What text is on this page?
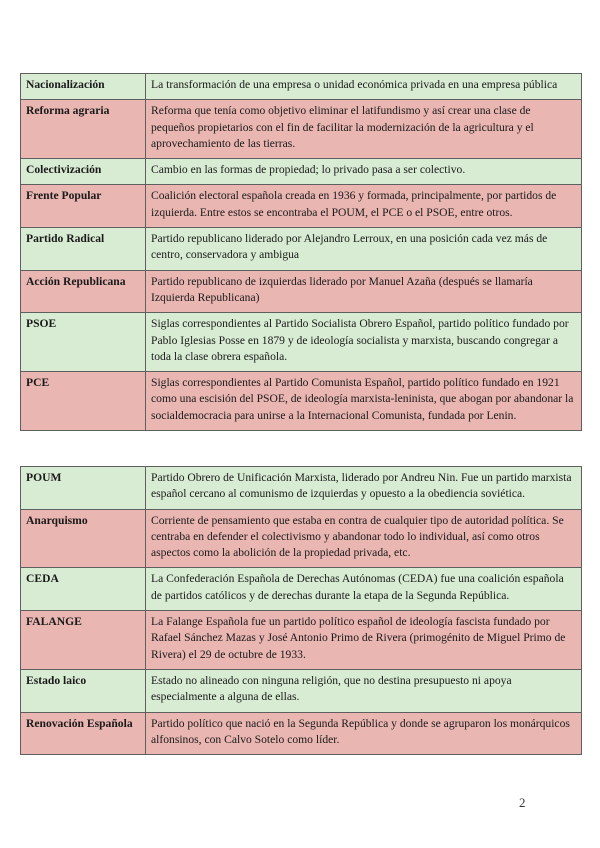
Nacionalización	La transformación de una empresa o unidad económica privada en una empresa pública
Reforma agraria	Reforma que tenía como objetivo eliminar el latifundismo y así crear una clase de pequeños propietarios con el fin de facilitar la modernización de la agricultura y el aprovechamiento de las tierras.
Colectivización	Cambio en las formas de propiedad; lo privado pasa a ser colectivo.
Frente Popular	Coalición electoral española creada en 1936 y formada, principalmente, por partidos de izquierda. Entre estos se encontraba el POUM, el PCE o el PSOE, entre otros.
Partido Radical	Partido republicano liderado por Alejandro Lerroux, en una posición cada vez más de centro, conservadora y ambigua
Acción Republicana	Partido republicano de izquierdas liderado por Manuel Azaña (después se llamaría Izquierda Republicana)
PSOE	Siglas correspondientes al Partido Socialista Obrero Español, partido político fundado por Pablo Iglesias Posse en 1879 y de ideología socialista y marxista, buscando congregar a toda la clase obrera española.
PCE	Siglas correspondientes al Partido Comunista Español, partido político fundado en 1921 como una escisión del PSOE, de ideología marxista-leninista, que abogan por abandonar la socialdemocracia para unirse a la Internacional Comunista, fundada por Lenin.
POUM	Partido Obrero de Unificación Marxista, liderado por Andreu Nin. Fue un partido marxista español cercano al comunismo de izquierdas y opuesto a la obediencia soviética.
Anarquismo	Corriente de pensamiento que estaba en contra de cualquier tipo de autoridad política. Se centraba en defender el colectivismo y abandonar todo lo individual, así como otros aspectos como la abolición de la propiedad privada, etc.
CEDA	La Confederación Española de Derechas Autónomas (CEDA) fue una coalición española de partidos católicos y de derechas durante la etapa de la Segunda República.
FALANGE	La Falange Española fue un partido político español de ideología fascista fundado por Rafael Sánchez Mazas y José Antonio Primo de Rivera (primogénito de Miguel Primo de Rivera) el 29 de octubre de 1933.
Estado laico	Estado no alineado con ninguna religión, que no destina presupuesto ni apoya especialmente a alguna de ellas.
Renovación Española	Partido político que nació en la Segunda República y donde se agruparon los monárquicos alfonsinos, con Calvo Sotelo como líder.
2
